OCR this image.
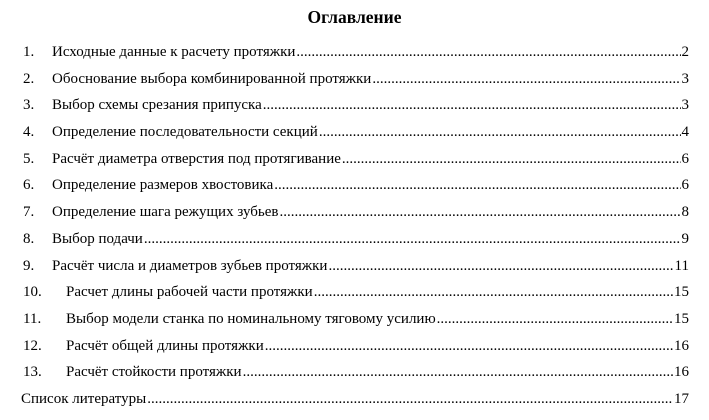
Оглавление
1. Исходные данные к расчету протяжки .....	2
2. Обоснование выбора комбинированной протяжки .....	3
3. Выбор схемы срезания припуска .....	3
4. Определение последовательности секций .....	4
5. Расчёт диаметра отверстия под протягивание .....	6
6. Определение размеров хвостовика .....	6
7. Определение шага режущих зубьев .....	8
8. Выбор подачи .....	9
9. Расчёт числа и диаметров зубьев протяжки .....	11
10. Расчет длины рабочей части протяжки .....	15
11. Выбор модели станка по номинальному тяговому усилию .....	15
12. Расчёт общей длины протяжки .....	16
13. Расчёт стойкости протяжки .....	16
Список литературы .....	17
